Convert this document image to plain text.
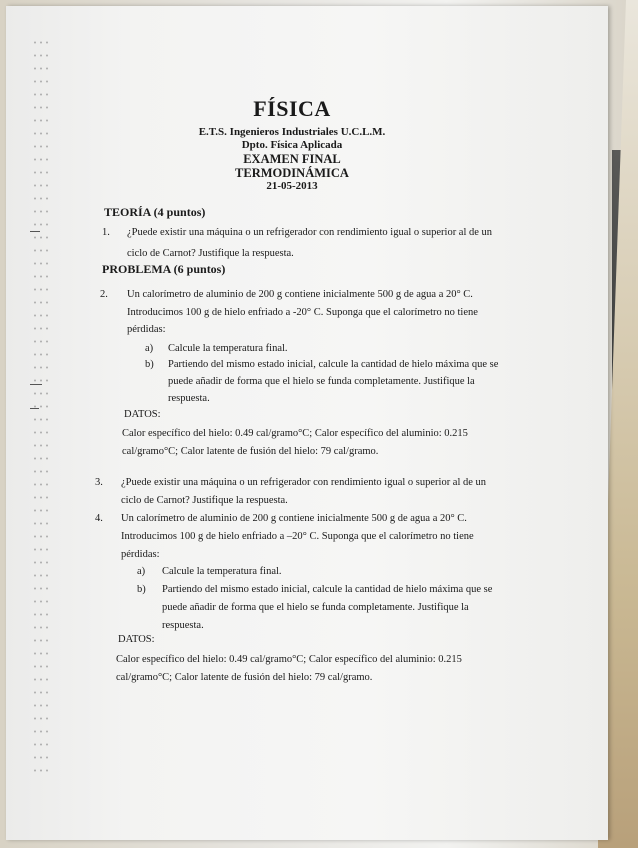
FÍSICA
E.T.S. Ingenieros Industriales U.C.L.M.
Dpto. Física Aplicada
EXAMEN FINAL
TERMODINÁMICA
21-05-2013
TEORÍA (4 puntos)
1. ¿Puede existir una máquina o un refrigerador con rendimiento igual o superior al de un
ciclo de Carnot? Justifique la respuesta.
PROBLEMA (6 puntos)
2. Un calorímetro de aluminio de 200 g contiene inicialmente 500 g de agua a 20° C.
Introducimos 100 g de hielo enfriado a -20° C. Suponga que el calorímetro no tiene
pérdidas:
a) Calcule la temperatura final.
b) Partiendo del mismo estado inicial, calcule la cantidad de hielo máxima que se
puede añadir de forma que el hielo se funda completamente. Justifique la
respuesta.
DATOS:
Calor específico del hielo: 0.49 cal/gramo°C; Calor específico del aluminio: 0.215
cal/gramo°C; Calor latente de fusión del hielo: 79 cal/gramo.
3. ¿Puede existir una máquina o un refrigerador con rendimiento igual o superior al de un
ciclo de Carnot? Justifique la respuesta.
4. Un calorímetro de aluminio de 200 g contiene inicialmente 500 g de agua a 20° C.
Introducimos 100 g de hielo enfriado a –20° C. Suponga que el calorímetro no tiene
pérdidas:
a) Calcule la temperatura final.
b) Partiendo del mismo estado inicial, calcule la cantidad de hielo máxima que se
puede añadir de forma que el hielo se funda completamente. Justifique la
respuesta.
DATOS:
Calor específico del hielo: 0.49 cal/gramo°C; Calor específico del aluminio: 0.215
cal/gramo°C; Calor latente de fusión del hielo: 79 cal/gramo.
